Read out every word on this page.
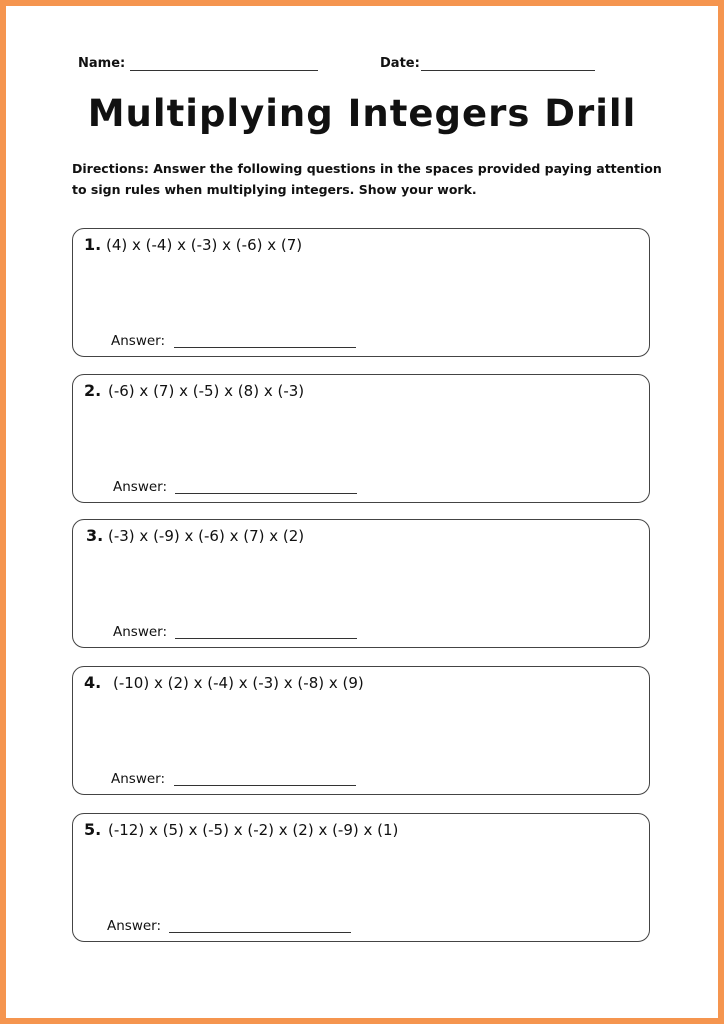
Name:	Date:
Multiplying Integers Drill

Directions: Answer the following questions in the spaces provided paying attention to sign rules when multiplying integers. Show your work.

1. (4) x (-4) x (-3) x (-6) x (7)
Answer:
2. (-6) x (7) x (-5) x (8) x (-3)
Answer:
3. (-3) x (-9) x (-6) x (7) x (2)
Answer:
4. (-10) x (2) x (-4) x (-3) x (-8) x (9)
Answer:
5. (-12) x (5) x (-5) x (-2) x (2) x (-9) x (1)
Answer:
